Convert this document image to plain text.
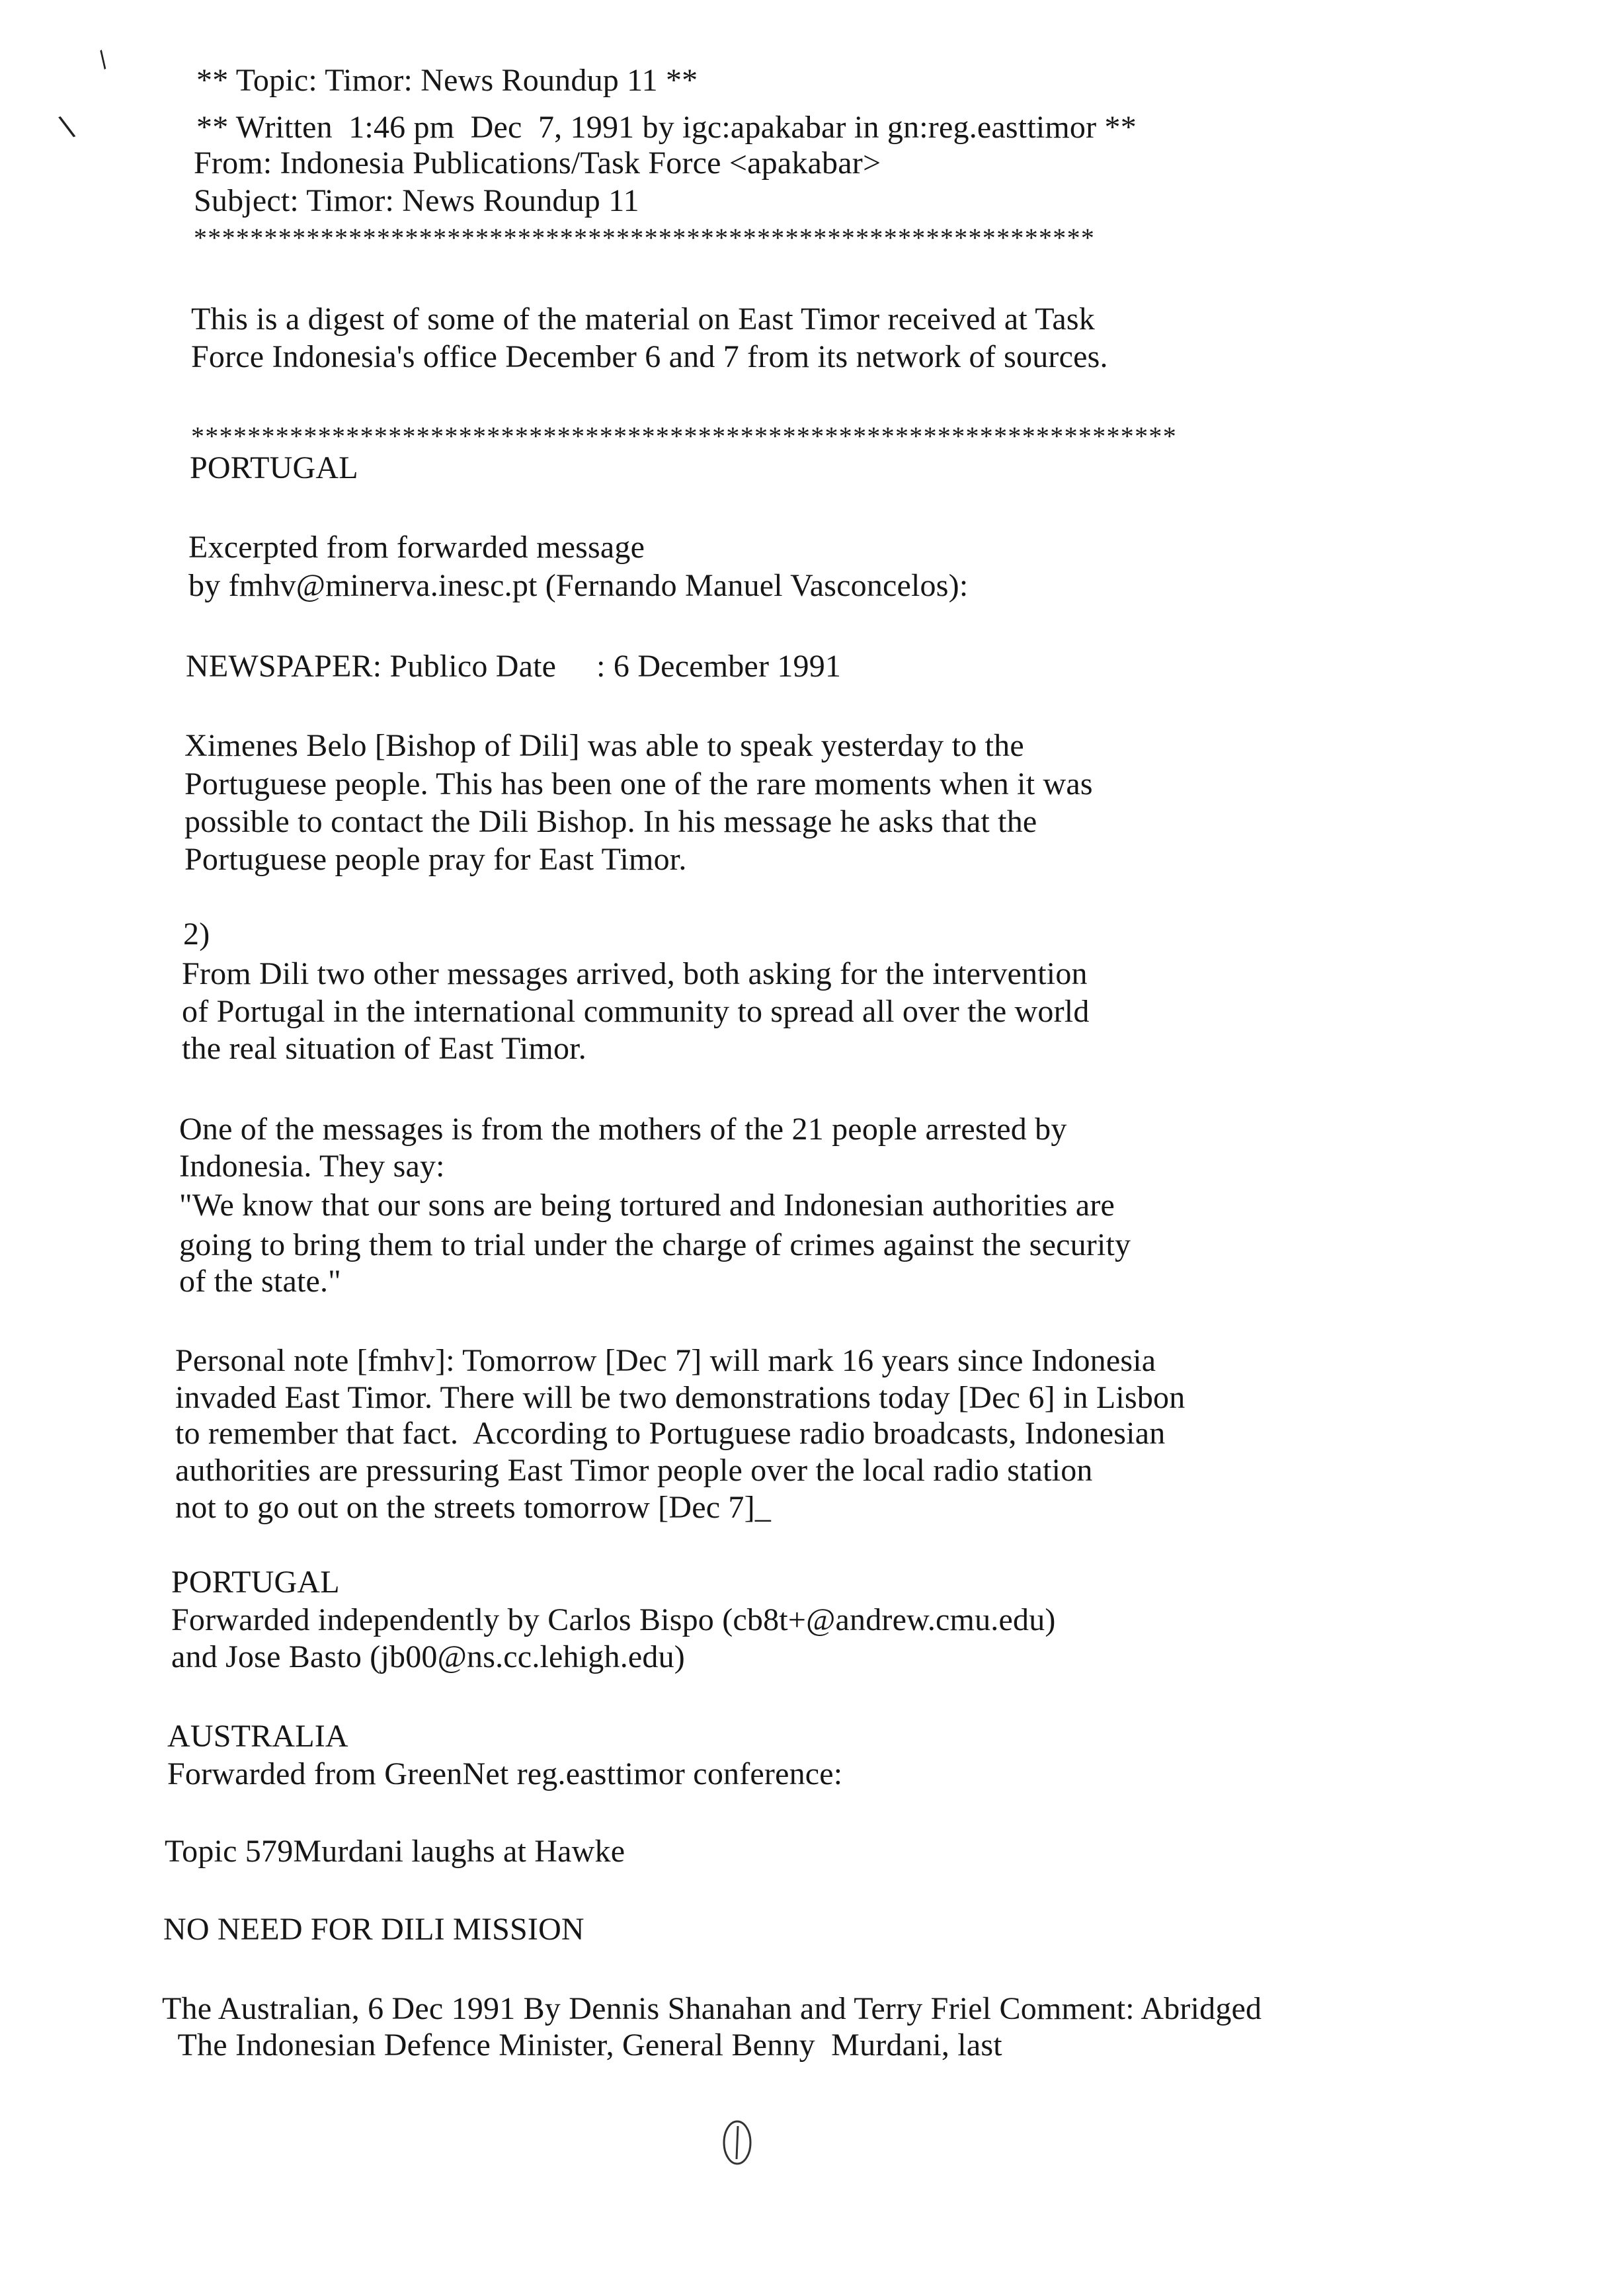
∕
∖
** Topic: Timor: News Roundup 11 **
** Written  1:46 pm  Dec  7, 1991 by igc:apakabar in gn:reg.easttimor **
From: Indonesia Publications/Task Force <apakabar>
Subject: Timor: News Roundup 11
****************************************************************
This is a digest of some of the material on East Timor received at Task
Force Indonesia's office December 6 and 7 from its network of sources.
**********************************************************************
PORTUGAL
Excerpted from forwarded message
by fmhv@minerva.inesc.pt (Fernando Manuel Vasconcelos):
NEWSPAPER: Publico Date     : 6 December 1991
Ximenes Belo [Bishop of Dili] was able to speak yesterday to the
Portuguese people. This has been one of the rare moments when it was
possible to contact the Dili Bishop. In his message he asks that the
Portuguese people pray for East Timor.
2)
From Dili two other messages arrived, both asking for the intervention
of Portugal in the international community to spread all over the world
the real situation of East Timor.
One of the messages is from the mothers of the 21 people arrested by
Indonesia. They say:
"We know that our sons are being tortured and Indonesian authorities are
going to bring them to trial under the charge of crimes against the security
of the state."
Personal note [fmhv]: Tomorrow [Dec 7] will mark 16 years since Indonesia
invaded East Timor. There will be two demonstrations today [Dec 6] in Lisbon
to remember that fact.  According to Portuguese radio broadcasts, Indonesian
authorities are pressuring East Timor people over the local radio station
not to go out on the streets tomorrow [Dec 7]_
PORTUGAL
Forwarded independently by Carlos Bispo (cb8t+@andrew.cmu.edu)
and Jose Basto (jb00@ns.cc.lehigh.edu)
AUSTRALIA
Forwarded from GreenNet reg.easttimor conference:
Topic 579Murdani laughs at Hawke
NO NEED FOR DILI MISSION
The Australian, 6 Dec 1991 By Dennis Shanahan and Terry Friel Comment: Abridged
The Indonesian Defence Minister, General Benny  Murdani, last
